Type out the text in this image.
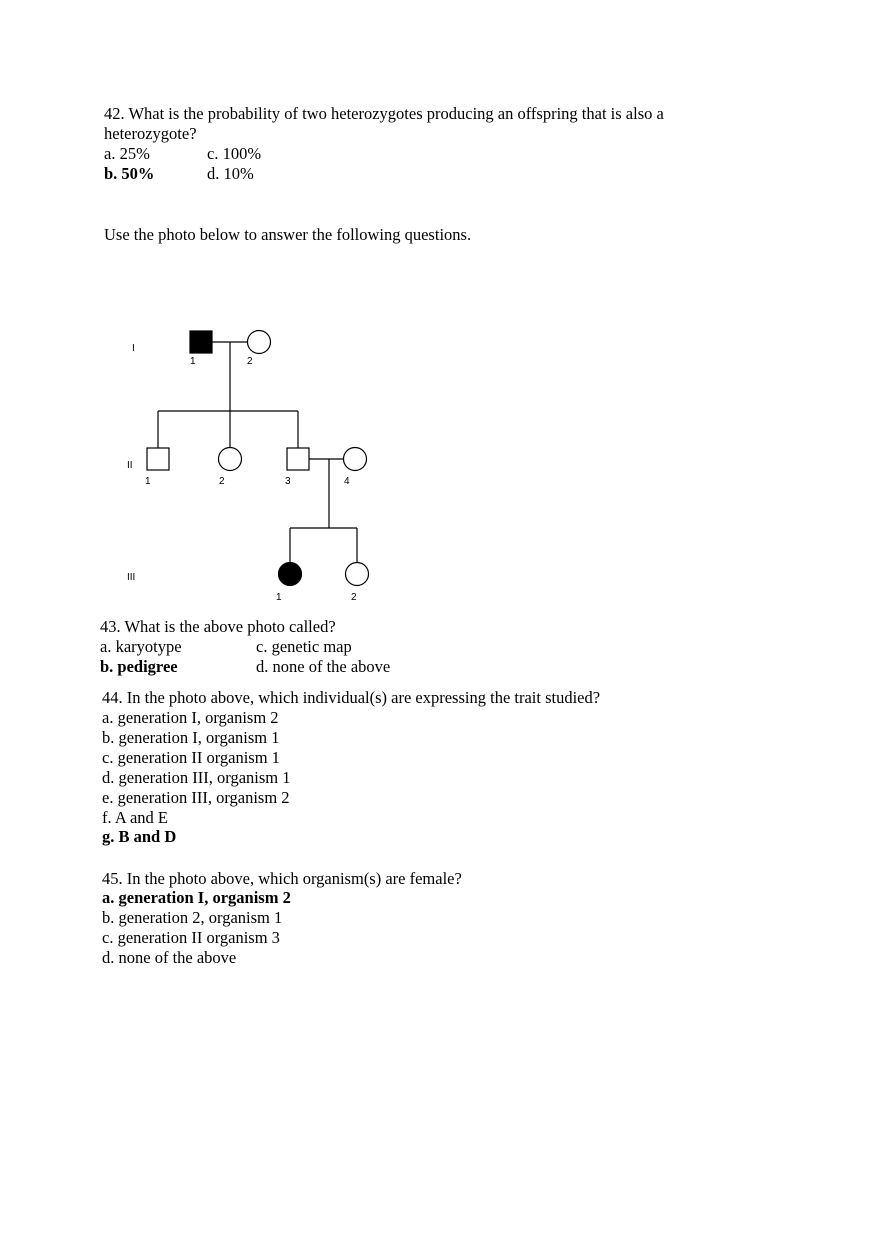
42. What is the probability of two heterozygotes producing an offspring that is also a
heterozygote?
a. 25%	c. 100%
b. 50%	d. 10%
Use the photo below to answer the following questions.
I
II
III
1	2
1	2	3	4
1	2
43. What is the above photo called?
a. karyotype	c. genetic map
b. pedigree	d. none of the above
44. In the photo above, which individual(s) are expressing the trait studied?
a. generation I, organism 2
b. generation I, organism 1
c. generation II organism 1
d. generation III, organism 1
e. generation III, organism 2
f. A and E
g. B and D
45. In the photo above, which organism(s) are female?
a. generation I, organism 2
b. generation 2, organism 1
c. generation II organism 3
d. none of the above
